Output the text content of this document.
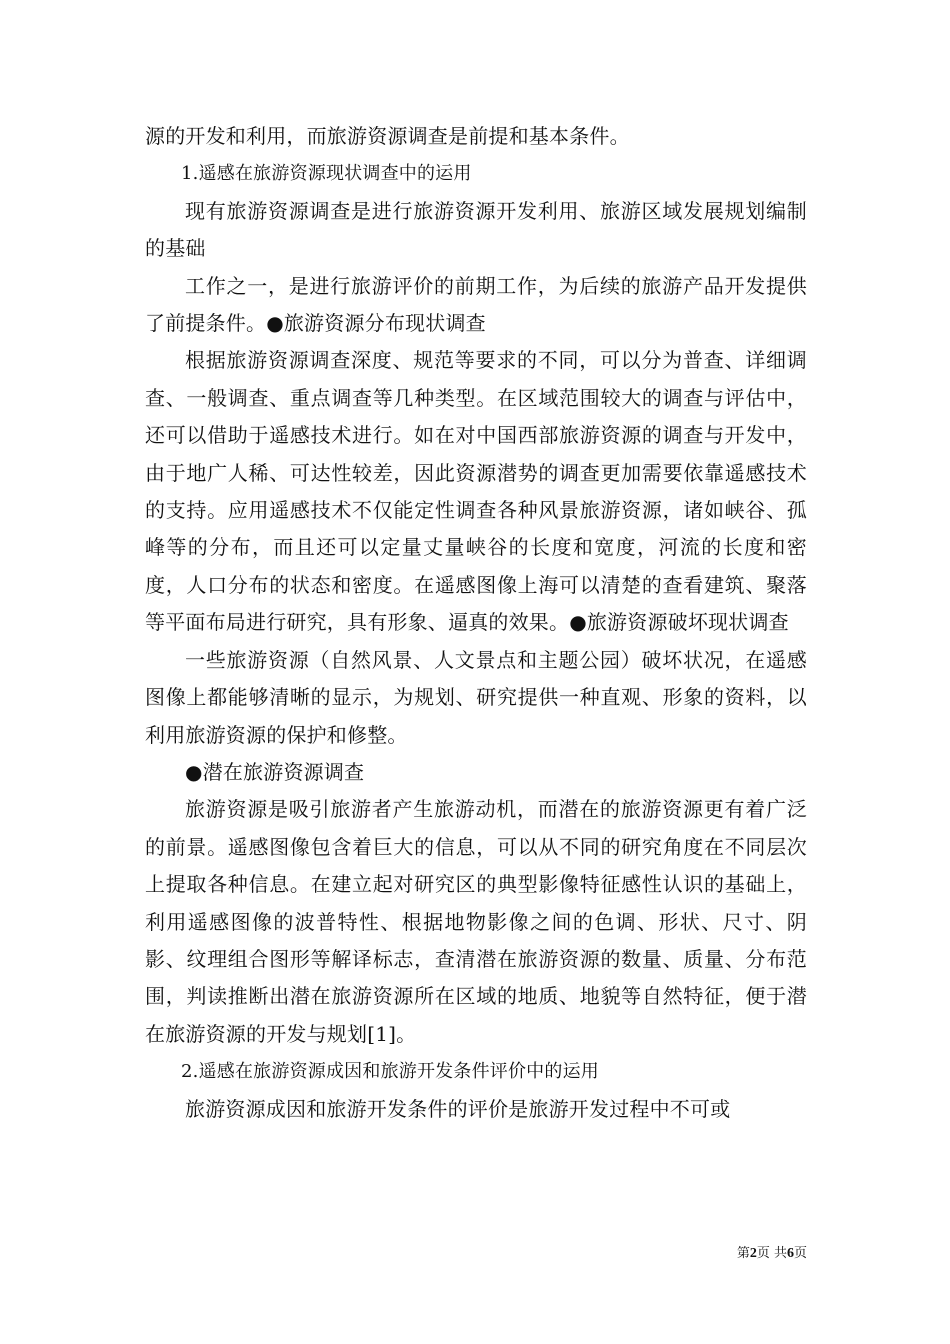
源的开发和利用，而旅游资源调查是前提和基本条件。

1.遥感在旅游资源现状调查中的运用

现有旅游资源调查是进行旅游资源开发利用、旅游区域发展规划编制的基础

工作之一，是进行旅游评价的前期工作，为后续的旅游产品开发提供了前提条件。●旅游资源分布现状调查

根据旅游资源调查深度、规范等要求的不同，可以分为普查、详细调查、一般调查、重点调查等几种类型。在区域范围较大的调查与评估中，还可以借助于遥感技术进行。如在对中国西部旅游资源的调查与开发中，由于地广人稀、可达性较差，因此资源潜势的调查更加需要依靠遥感技术的支持。应用遥感技术不仅能定性调查各种风景旅游资源，诸如峡谷、孤峰等的分布，而且还可以定量丈量峡谷的长度和宽度，河流的长度和密度，人口分布的状态和密度。在遥感图像上海可以清楚的查看建筑、聚落等平面布局进行研究，具有形象、逼真的效果。●旅游资源破坏现状调查

一些旅游资源（自然风景、人文景点和主题公园）破坏状况，在遥感图像上都能够清晰的显示，为规划、研究提供一种直观、形象的资料，以利用旅游资源的保护和修整。

●潜在旅游资源调查

旅游资源是吸引旅游者产生旅游动机，而潜在的旅游资源更有着广泛的前景。遥感图像包含着巨大的信息，可以从不同的研究角度在不同层次上提取各种信息。在建立起对研究区的典型影像特征感性认识的基础上，利用遥感图像的波普特性、根据地物影像之间的色调、形状、尺寸、阴影、纹理组合图形等解译标志，查清潜在旅游资源的数量、质量、分布范围，判读推断出潜在旅游资源所在区域的地质、地貌等自然特征，便于潜在旅游资源的开发与规划[1]。

2.遥感在旅游资源成因和旅游开发条件评价中的运用

旅游资源成因和旅游开发条件的评价是旅游开发过程中不可或

第2页 共6页
